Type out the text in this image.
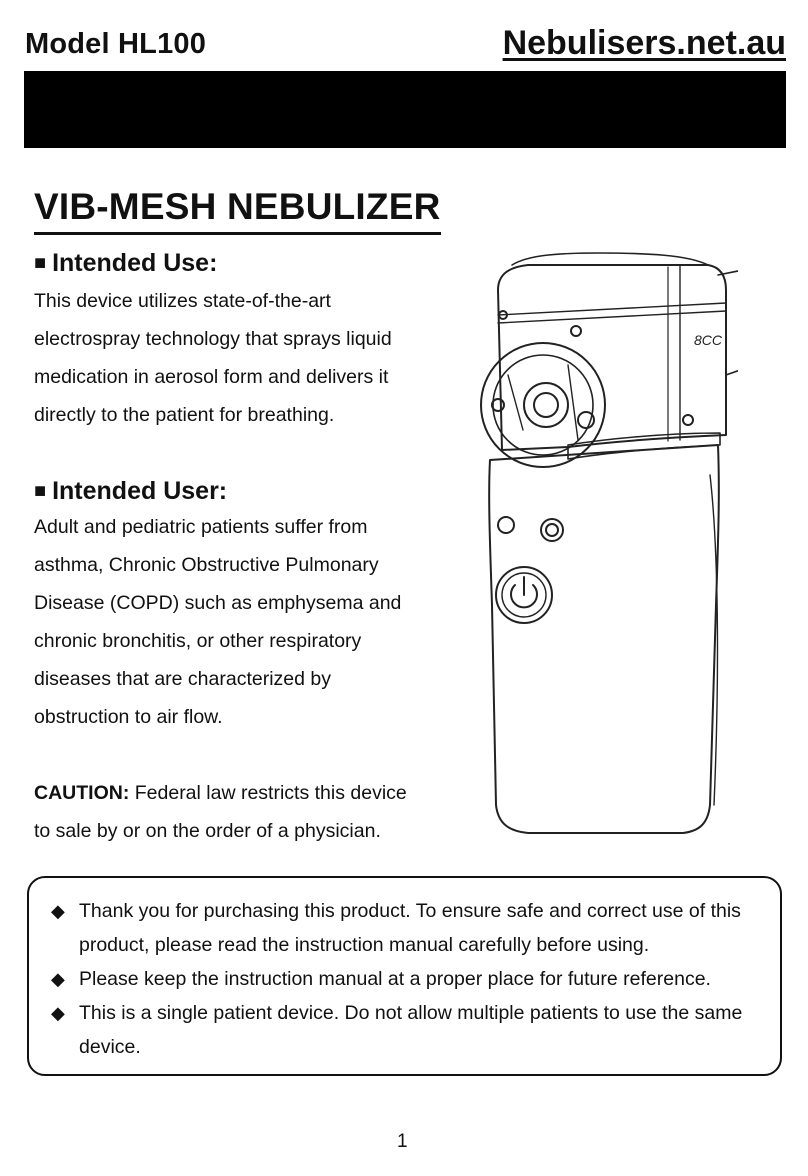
Model HL100	Nebulisers.net.au
VIB-MESH NEBULIZER
■ Intended Use:

This device utilizes state-of-the-art

electrospray technology that sprays liquid

medication in aerosol form and delivers it

directly to the patient for breathing.

■ Intended User:

Adult and pediatric patients suffer from

asthma, Chronic Obstructive Pulmonary

Disease (COPD) such as emphysema and

chronic bronchitis, or other respiratory

diseases that are characterized by

obstruction to air flow.

CAUTION: Federal law restricts this device

to sale by or on the order of a physician.

8CC
◆ Thank you for purchasing this product. To ensure safe and correct use of this product, please read the instruction manual carefully before using.
◆ Please keep the instruction manual at a proper place for future reference.
◆ This is a single patient device. Do not allow multiple patients to use the same device.
1
